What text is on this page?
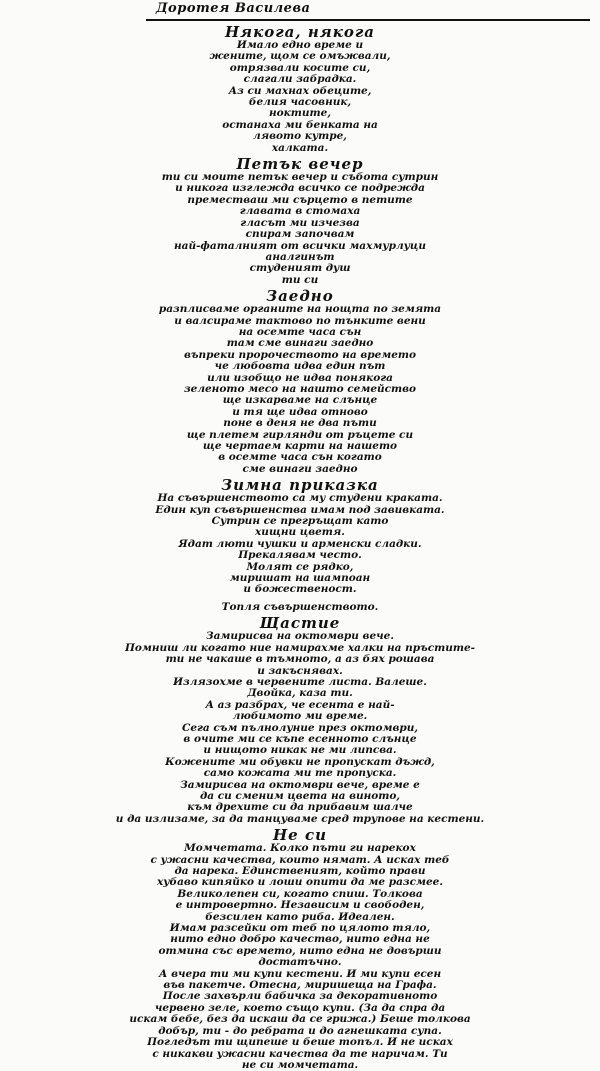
Доротея Василева
Някога, някога
Имало едно време и
жените, щом се омъжвали,
отрязвали косите си,
слагали забрадка.
Аз си махнах обеците,
белия часовник,
ноктите,
останаха ми бенката на
лявото кутре,
халката.
Петък вечер
ти си моите петък вечер и събота сутрин
и никога изглежда всичко се подрежда
преместваш ми сърцето в петите
главата в стомаха
гласът ми изчезва
спирам започвам
най-фаталният от всички махмурлуци
аналгинът
студеният душ
ти си
Заедно
разплисваме органите на нощта по земята
и валсираме тактово по тънките вени
на осемте часа сън
там сме винаги заедно
въпреки пророчеството на времето
че любовта идва един път
или изобщо не идва понякога
зеленото месо на нашто семейство
ще изкарваме на слънце
и тя ще идва отново
поне в деня не два пъти
ще плетем гирлянди от ръцете си
ще чертаем карти на нашето
в осемте часа сън когато
сме винаги заедно
Зимна приказка
На съвършенството са му студени краката.
Един куп съвършенства имам под завивката.
Сутрин се прегръщат като
хищни цветя.
Ядат люти чушки и арменски сладки.
Прекалявам често.
Молят се рядко,
миришат на шампоан
и божественост.
Топля съвършенството.
Щастие
Замирисва на октомври вече.
Помниш ли когато ние намирахме халки на пръстите-
ти не чакаше в тъмното, а аз бях рошава
и закъснявах.
Излязохме в червените листа. Валеше.
Двойка, каза ти.
А аз разбрах, че есента е най-
любимото ми време.
Сега съм пълнолуние през октомври,
в очите ми се къпе есенното слънце
и нищото никак не ми липсва.
Кожените ми обувки не пропускат дъжд,
само кожата ми те пропуска.
Замирисва на октомври вече, време е
да си сменим цвета на виното,
към дрехите си да прибавим шалче
и да излизаме, за да танцуваме сред трупове на кестени.
Не си
Момчетата. Колко пъти ги нарекох
с ужасни качества, които нямат. А исках теб
да нарека. Единственият, който прави
хубаво кипяйко и лоши опити да ме разсмее.
Великолепен си, когато спиш. Толкова
е интровертно. Независим и свободен,
безсилен като риба. Идеален.
Имам разсейки от теб по цялото тяло,
нито едно добро качество, нито една не
отмина със времето, нито една не довърши
достатъчно.
А вчера ти ми купи кестени. И ми купи есен
във пакетче. Отесна, миришеща на Графа.
После захвърли бабичка за декоративното
червено зеле, което също купи. (За да спра да
искам бебе, без да искаш да се грижа.) Беше толкова
добър, ти - до ребрата и до агнешката супа.
Погледът ти щипеше и беше топъл. И не исках
с никакви ужасни качества да те наричам. Ти
не си момчетата.
